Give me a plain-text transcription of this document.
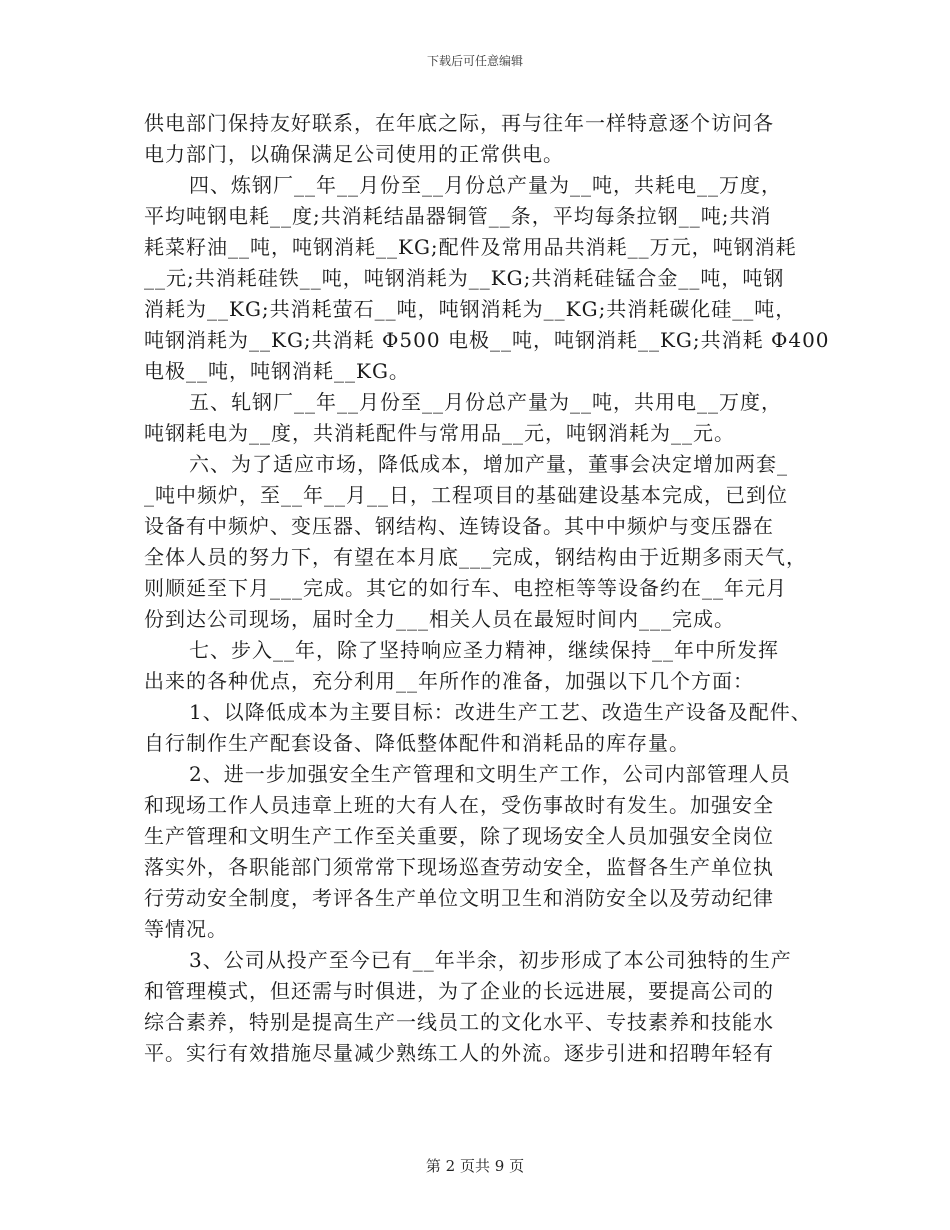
下载后可任意编辑
供电部门保持友好联系，在年底之际，再与往年一样特意逐个访问各
电力部门，以确保满足公司使用的正常供电。
四、炼钢厂__年__月份至__月份总产量为__吨，共耗电__万度，
平均吨钢电耗__度;共消耗结晶器铜管__条，平均每条拉钢__吨;共消
耗菜籽油__吨，吨钢消耗__KG;配件及常用品共消耗__万元，吨钢消耗
__元;共消耗硅铁__吨，吨钢消耗为__KG;共消耗硅锰合金__吨，吨钢
消耗为__KG;共消耗萤石__吨，吨钢消耗为__KG;共消耗碳化硅__吨，
吨钢消耗为__KG;共消耗 Φ500 电极__吨，吨钢消耗__KG;共消耗 Φ400
电极__吨，吨钢消耗__KG。
五、轧钢厂__年__月份至__月份总产量为__吨，共用电__万度，
吨钢耗电为__度，共消耗配件与常用品__元，吨钢消耗为__元。
六、为了适应市场，降低成本，增加产量，董事会决定增加两套_
_吨中频炉，至__年__月__日，工程项目的基础建设基本完成，已到位
设备有中频炉、变压器、钢结构、连铸设备。其中中频炉与变压器在
全体人员的努力下，有望在本月底___完成，钢结构由于近期多雨天气，
则顺延至下月___完成。其它的如行车、电控柜等等设备约在__年元月
份到达公司现场，届时全力___相关人员在最短时间内___完成。
七、步入__年，除了坚持响应圣力精神，继续保持__年中所发挥
出来的各种优点，充分利用__年所作的准备，加强以下几个方面：
1、以降低成本为主要目标：改进生产工艺、改造生产设备及配件、
自行制作生产配套设备、降低整体配件和消耗品的库存量。
2、进一步加强安全生产管理和文明生产工作，公司内部管理人员
和现场工作人员违章上班的大有人在，受伤事故时有发生。加强安全
生产管理和文明生产工作至关重要，除了现场安全人员加强安全岗位
落实外，各职能部门须常常下现场巡查劳动安全，监督各生产单位执
行劳动安全制度，考评各生产单位文明卫生和消防安全以及劳动纪律
等情况。
3、公司从投产至今已有__年半余，初步形成了本公司独特的生产
和管理模式，但还需与时俱进，为了企业的长远进展，要提高公司的
综合素养，特别是提高生产一线员工的文化水平、专技素养和技能水
平。实行有效措施尽量减少熟练工人的外流。逐步引进和招聘年轻有
第 2 页共 9 页
